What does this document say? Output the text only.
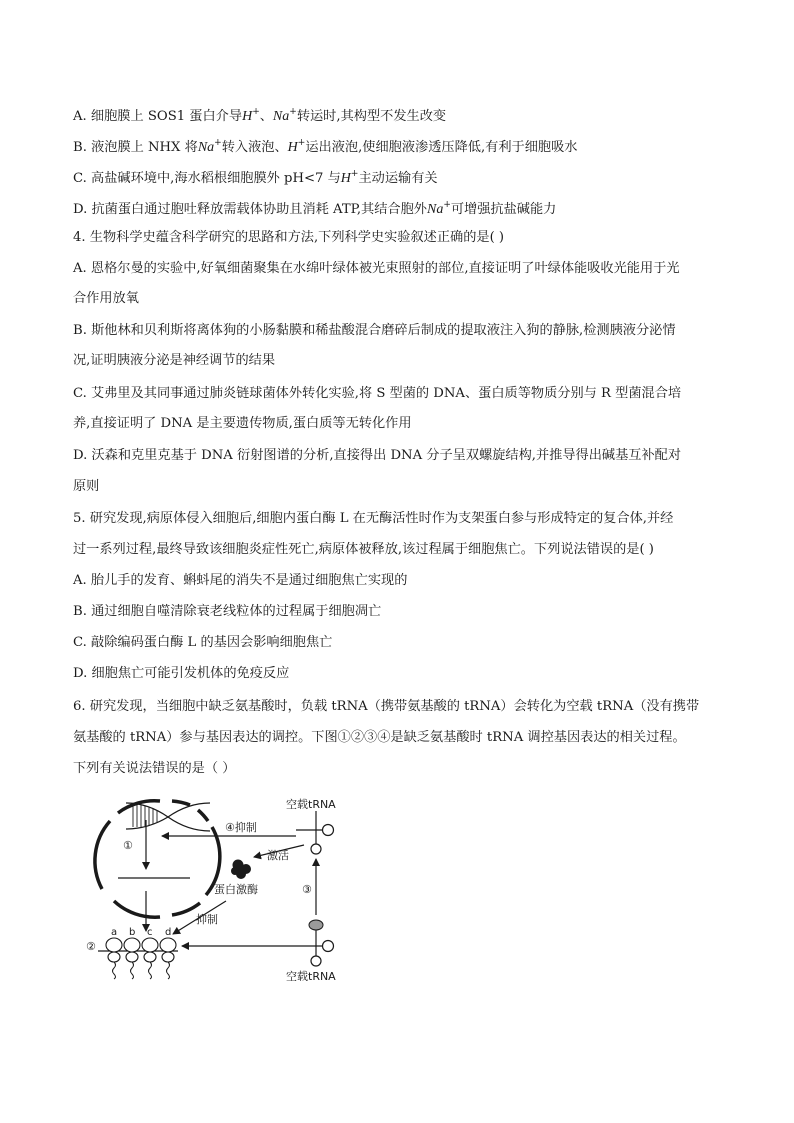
A. 细胞膜上 SOS1 蛋白介导H+、Na+转运时,其构型不发生改变
B. 液泡膜上 NHX 将Na+转入液泡、H+运出液泡,使细胞液渗透压降低,有利于细胞吸水
C. 高盐碱环境中,海水稻根细胞膜外 pH<7 与H+主动运输有关
D. 抗菌蛋白通过胞吐释放需载体协助且消耗 ATP,其结合胞外Na+可增强抗盐碱能力
4. 生物科学史蕴含科学研究的思路和方法,下列科学史实验叙述正确的是( )
A. 恩格尔曼的实验中,好氧细菌聚集在水绵叶绿体被光束照射的部位,直接证明了叶绿体能吸收光能用于光
合作用放氧
B. 斯他林和贝利斯将离体狗的小肠黏膜和稀盐酸混合磨碎后制成的提取液注入狗的静脉,检测胰液分泌情
况,证明胰液分泌是神经调节的结果
C. 艾弗里及其同事通过肺炎链球菌体外转化实验,将 S 型菌的 DNA、蛋白质等物质分别与 R 型菌混合培
养,直接证明了 DNA 是主要遗传物质,蛋白质等无转化作用
D. 沃森和克里克基于 DNA 衍射图谱的分析,直接得出 DNA 分子呈双螺旋结构,并推导得出碱基互补配对
原则
5. 研究发现,病原体侵入细胞后,细胞内蛋白酶 L 在无酶活性时作为支架蛋白参与形成特定的复合体,并经
过一系列过程,最终导致该细胞炎症性死亡,病原体被释放,该过程属于细胞焦亡。下列说法错误的是( )
A. 胎儿手的发育、蝌蚪尾的消失不是通过细胞焦亡实现的
B. 通过细胞自噬清除衰老线粒体的过程属于细胞凋亡
C. 敲除编码蛋白酶 L 的基因会影响细胞焦亡
D. 细胞焦亡可能引发机体的免疫反应
6. 研究发现，当细胞中缺乏氨基酸时，负载 tRNA（携带氨基酸的 tRNA）会转化为空载 tRNA（没有携带
氨基酸的 tRNA）参与基因表达的调控。下图①②③④是缺乏氨基酸时 tRNA 调控基因表达的相关过程。
下列有关说法错误的是（ ）
①
④抑制
空载tRNA
激活
蛋白激酶
抑制
③
空载tRNA
②
a b c d
